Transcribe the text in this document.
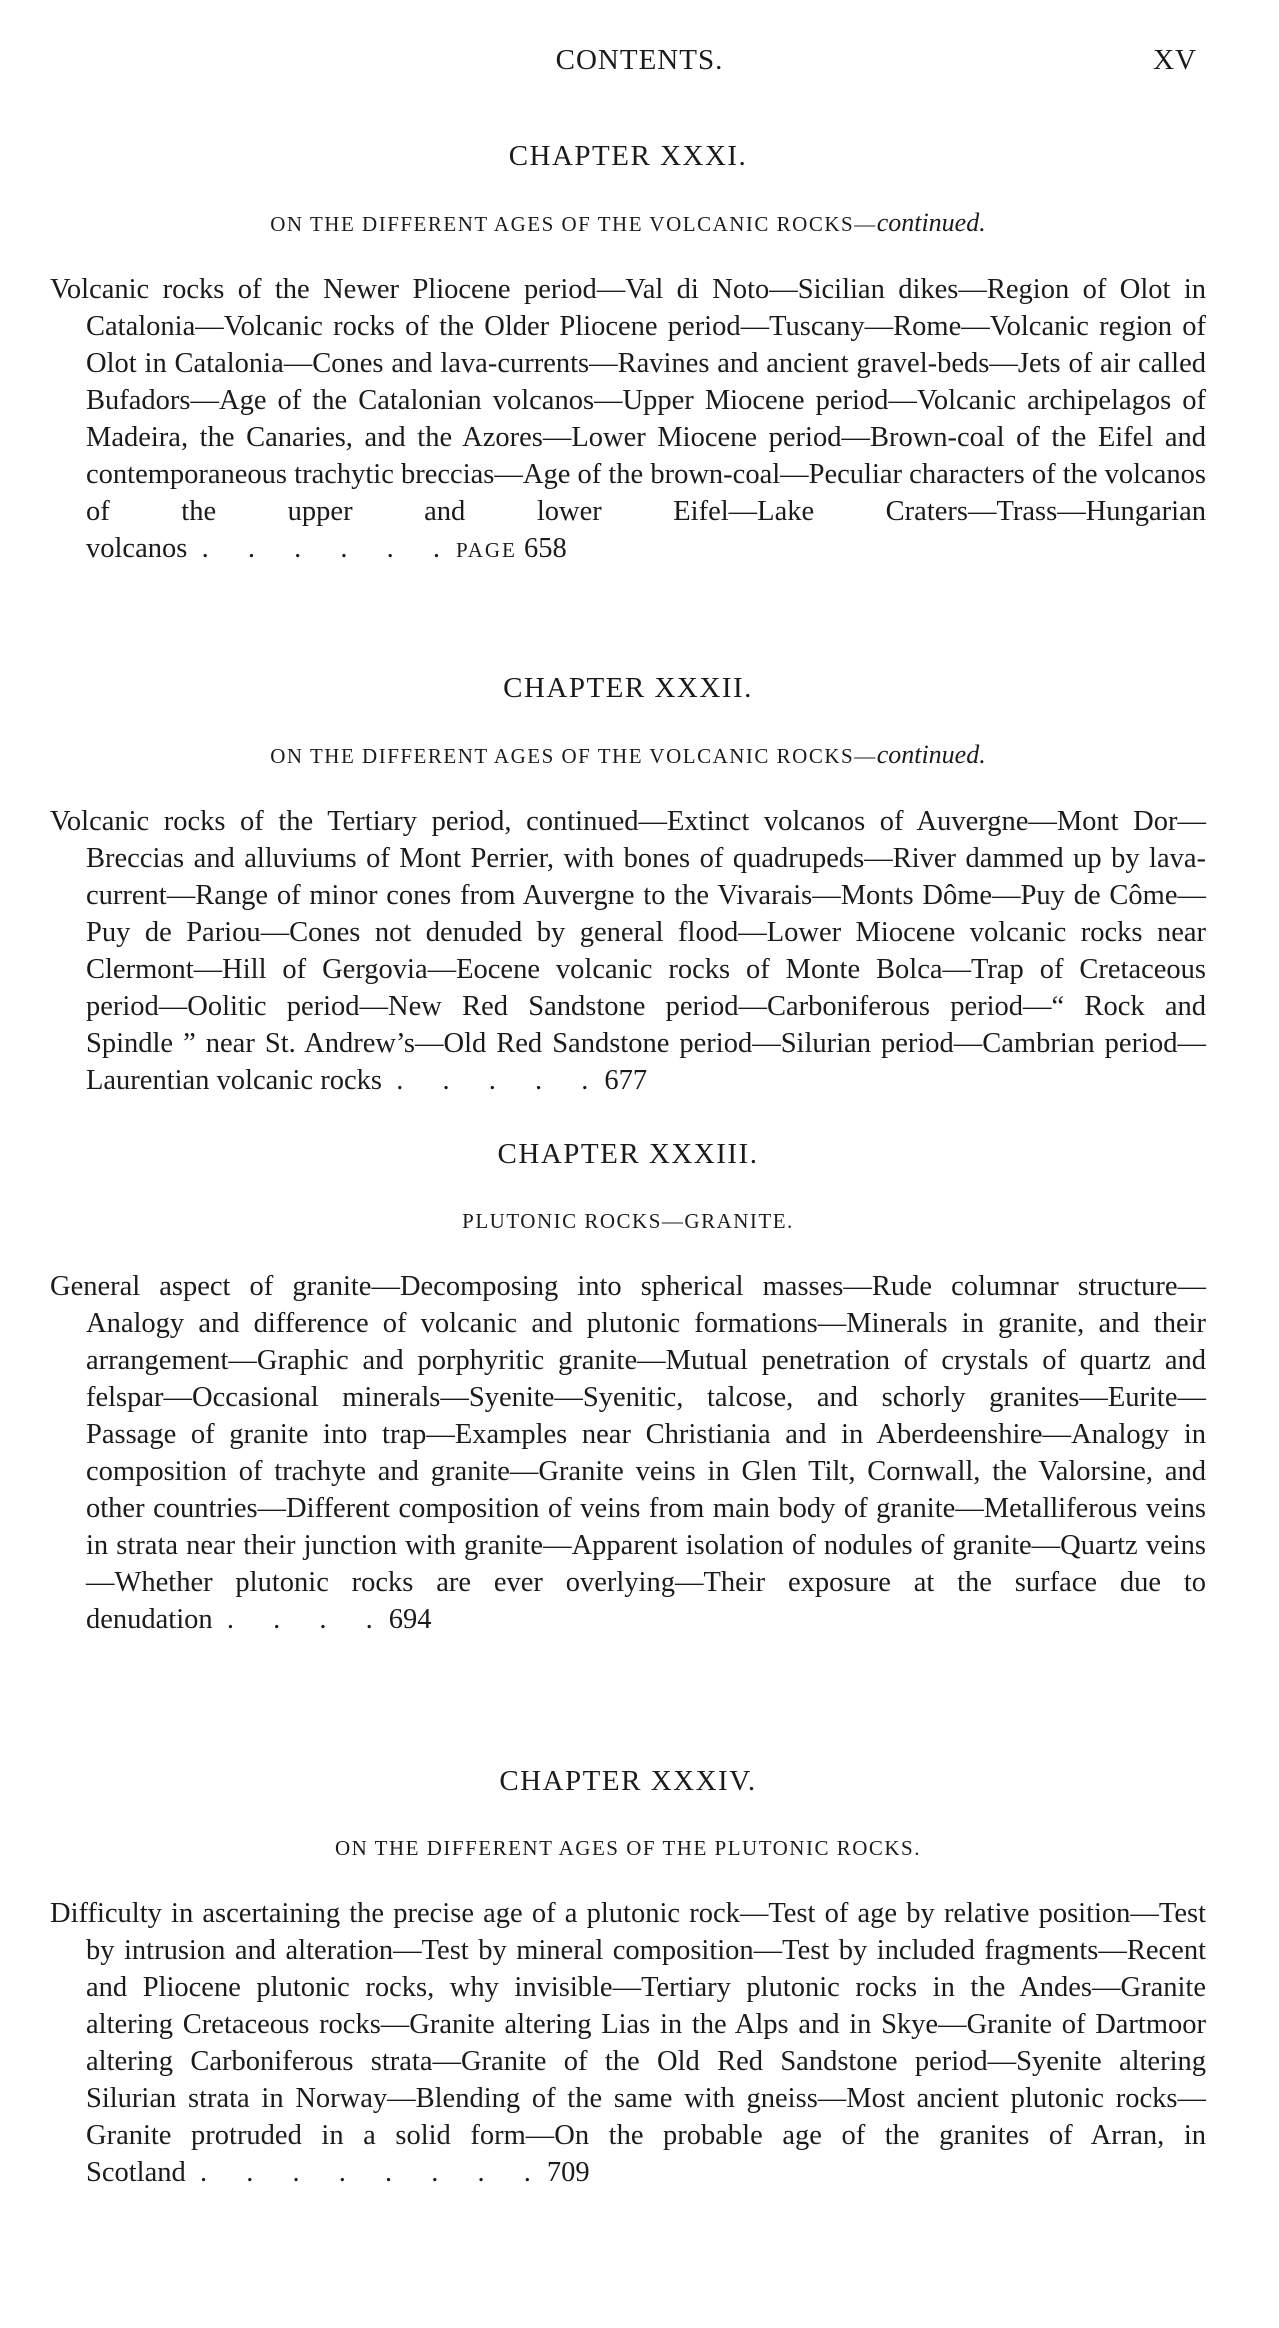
CONTENTS.	XV
CHAPTER XXXI.

ON THE DIFFERENT AGES OF THE VOLCANIC ROCKS—continued.

Volcanic rocks of the Newer Pliocene period—Val di Noto—Sicilian dikes—Region of Olot in Catalonia—Volcanic rocks of the Older Pliocene period—Tuscany—Rome—Volcanic region of Olot in Catalonia—Cones and lava-currents—Ravines and ancient gravel-beds—Jets of air called Bufadors—Age of the Catalonian volcanos—Upper Miocene period—Volcanic archipelagos of Madeira, the Canaries, and the Azores—Lower Miocene period—Brown-coal of the Eifel and contemporaneous trachytic breccias—Age of the brown-coal—Peculiar characters of the volcanos of the upper and lower Eifel—Lake Craters—Trass—Hungarian volcanos . . . . . .PAGE 658

CHAPTER XXXII.

ON THE DIFFERENT AGES OF THE VOLCANIC ROCKS—continued.

Volcanic rocks of the Tertiary period, continued—Extinct volcanos of Auvergne—Mont Dor—Breccias and alluviums of Mont Perrier, with bones of quadrupeds—River dammed up by lava-current—Range of minor cones from Auvergne to the Vivarais—Monts Dôme—Puy de Côme—Puy de Pariou—Cones not denuded by general flood—Lower Miocene volcanic rocks near Clermont—Hill of Gergovia—Eocene volcanic rocks of Monte Bolca—Trap of Cretaceous period—Oolitic period—New Red Sandstone period—Carboniferous period—“ Rock and Spindle ” near St. Andrew’s—Old Red Sandstone period—Silurian period—Cambrian period—Laurentian volcanic rocks . . . . .677

CHAPTER XXXIII.

PLUTONIC ROCKS—GRANITE.

General aspect of granite—Decomposing into spherical masses—Rude columnar structure—Analogy and difference of volcanic and plutonic formations—Minerals in granite, and their arrangement—Graphic and porphyritic granite—Mutual penetration of crystals of quartz and felspar—Occasional minerals—Syenite—Syenitic, talcose, and schorly granites—Eurite—Passage of granite into trap—Examples near Christiania and in Aberdeenshire—Analogy in composition of trachyte and granite—Granite veins in Glen Tilt, Cornwall, the Valorsine, and other countries—Different composition of veins from main body of granite—Metalliferous veins in strata near their junction with granite—Apparent isolation of nodules of granite—Quartz veins—Whether plutonic rocks are ever overlying—Their exposure at the surface due to denudation . . . .694

CHAPTER XXXIV.

ON THE DIFFERENT AGES OF THE PLUTONIC ROCKS.

Difficulty in ascertaining the precise age of a plutonic rock—Test of age by relative position—Test by intrusion and alteration—Test by mineral composition—Test by included fragments—Recent and Pliocene plutonic rocks, why invisible—Tertiary plutonic rocks in the Andes—Granite altering Cretaceous rocks—Granite altering Lias in the Alps and in Skye—Granite of Dartmoor altering Carboniferous strata—Granite of the Old Red Sandstone period—Syenite altering Silurian strata in Norway—Blending of the same with gneiss—Most ancient plutonic rocks—Granite protruded in a solid form—On the probable age of the granites of Arran, in Scotland . . . . . . . .709
